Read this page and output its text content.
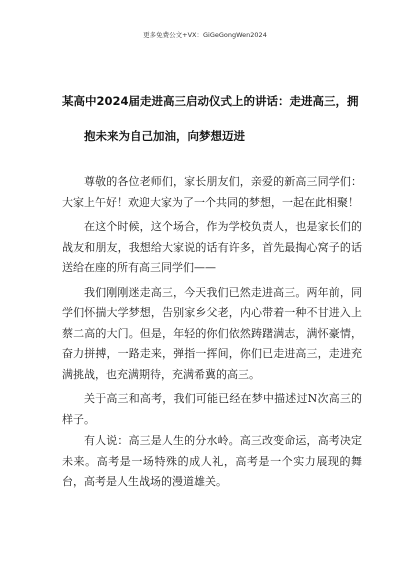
更多免费公文+VX：GiGeGongWen2024
某高中2024届走进高三启动仪式上的讲话：走进高三，拥
抱未来为自己加油，向梦想迈进

尊敬的各位老师们，家长朋友们，亲爱的新高三同学们：大家上午好！欢迎大家为了一个共同的梦想，一起在此相聚！

在这个时候，这个场合，作为学校负责人，也是家长们的战友和朋友，我想给大家说的话有许多，首先最掏心窝子的话送给在座的所有高三同学们——

我们刚刚迷走高三，今天我们已然走进高三。两年前，同学们怀揣大学梦想，告别家乡父老，内心带着一种不甘进入上蔡二高的大门。但是，年轻的你们依然踌躇满志，满怀豪情，奋力拼搏，一路走来，弹指一挥间，你们已走进高三，走进充满挑战，也充满期待，充满希冀的高三。

关于高三和高考，我们可能已经在梦中描述过N次高三的样子。

有人说：高三是人生的分水岭。高三改变命运，高考决定未来。高考是一场特殊的成人礼，高考是一个实力展现的舞台，高考是人生战场的漫道雄关。
